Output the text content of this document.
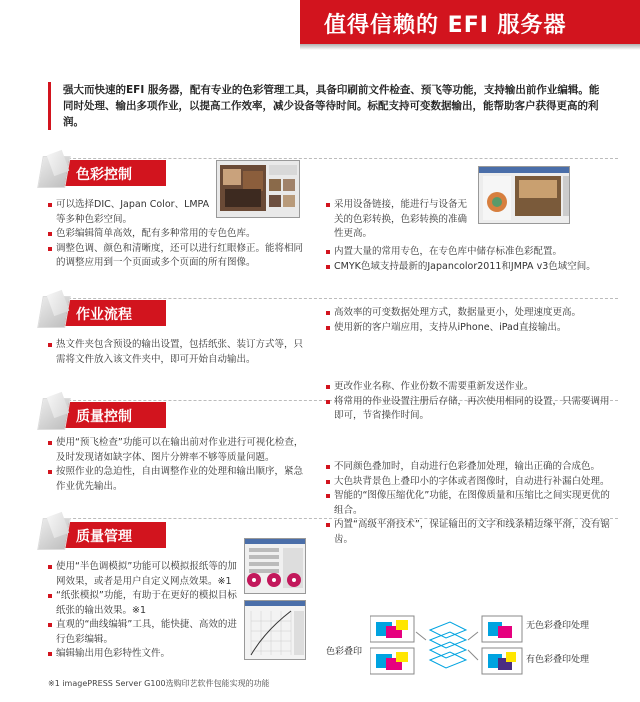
值得信赖的 EFI 服务器
强大而快速的EFI 服务器，配有专业的色彩管理工具，具备印刷前文件检查、预飞等功能，支持输出前作业编辑。能同时处理、输出多项作业，以提高工作效率，减少设备等待时间。标配支持可变数据输出，能帮助客户获得更高的利润。
色彩控制
可以选择DIC、Japan Color、LMPA 等多种色彩空间。
色彩编辑简单高效，配有多种常用的专色色库。
调整色调、颜色和清晰度，还可以进行红眼修正。能将相同的调整应用到一个页面或多个页面的所有图像。
采用设备链接，能进行与设备无关的色彩转换，色彩转换的准确性更高。
内置大量的常用专色，在专色库中储存标准色彩配置。
CMYK色域支持最新的Japancolor2011和JMPA v3色域空间。
作业流程
热文件夹包含预设的输出设置，包括纸张、装订方式等，只需将文件放入该文件夹中，即可开始自动输出。
高效率的可变数据处理方式，数据量更小，处理速度更高。
使用新的客户端应用，支持从iPhone、iPad直接输出。
质量控制
使用“预飞检查”功能可以在输出前对作业进行可视化检查，及时发现诸如缺字体、图片分辨率不够等质量问题。
按照作业的急迫性，自由调整作业的处理和输出顺序，紧急作业优先输出。
更改作业名称、作业份数不需要重新发送作业。
将常用的作业设置注册后存储，再次使用相同的设置，只需要调用即可，节省操作时间。
不同颜色叠加时，自动进行色彩叠加处理，输出正确的合成色。
大色块背景色上叠印小的字体或者图像时，自动进行补漏白处理。
智能的“图像压缩优化”功能，在图像质量和压缩比之间实现更优的组合。
内置“高级平滑技术”，保证输出的文字和线条精边缘平滑，没有锯齿。
质量管理
使用“半色调模拟”功能可以模拟报纸等的加网效果，或者是用户自定义网点效果。※1
“纸张模拟”功能，有助于在更好的模拟目标纸张的输出效果。※1
直观的“曲线编辑”工具，能快捷、高效的进行色彩编辑。
编辑输出用色彩特性文件。	色彩叠印
无色彩叠印处理
有色彩叠印处理
※1 imagePRESS Server G100选购印艺软件包能实现的功能
